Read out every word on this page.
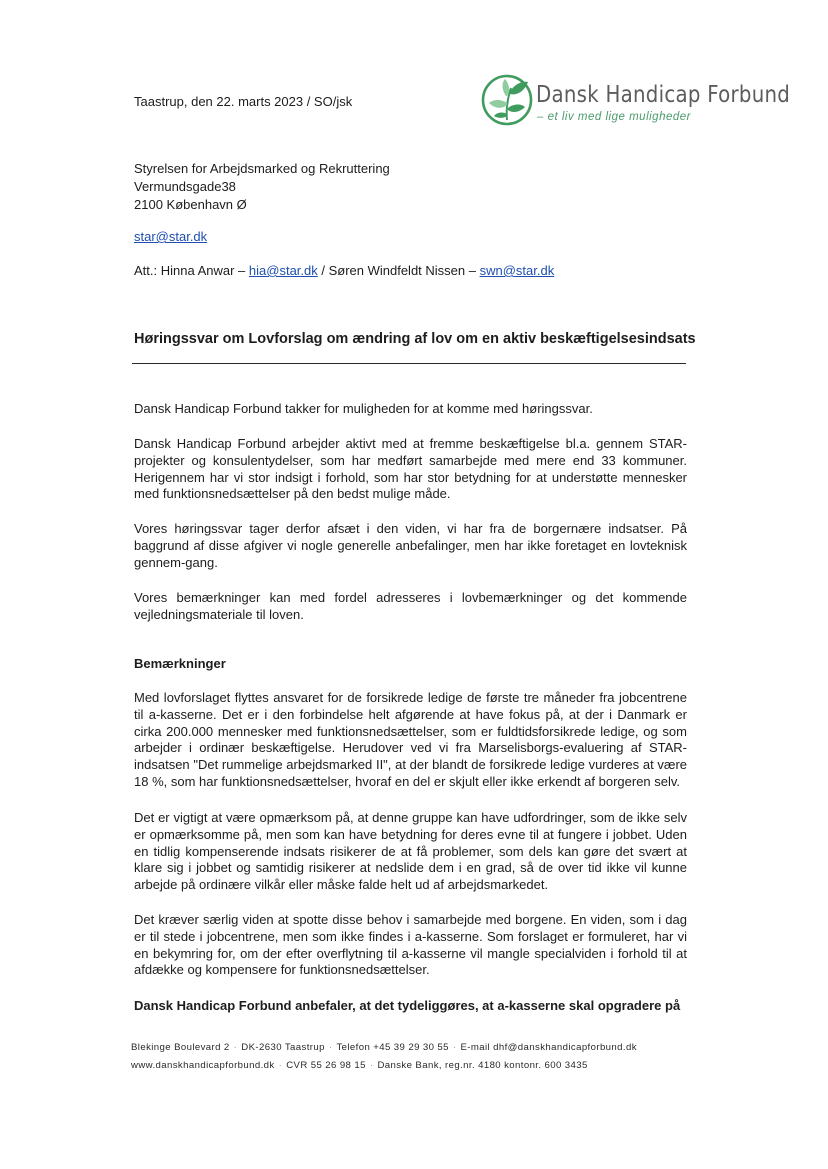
Taastrup, den 22. marts 2023 / SO/jsk	Dansk Handicap Forbund
– et liv med lige muligheder
Styrelsen for Arbejdsmarked og Rekruttering
Vermundsgade38
2100 København Ø
star@star.dk
Att.: Hinna Anwar – hia@star.dk / Søren Windfeldt Nissen – swn@star.dk
Høringssvar om Lovforslag om ændring af lov om en aktiv beskæftigelsesindsats
Dansk Handicap Forbund takker for muligheden for at komme med høringssvar.
Dansk Handicap Forbund arbejder aktivt med at fremme beskæftigelse bl.a. gennem STAR-projekter og konsulentydelser, som har medført samarbejde med mere end 33 kommuner. Herigennem har vi stor indsigt i forhold, som har stor betydning for at understøtte mennesker med funktionsnedsættelser på den bedst mulige måde.
Vores høringssvar tager derfor afsæt i den viden, vi har fra de borgernære indsatser. På baggrund af disse afgiver vi nogle generelle anbefalinger, men har ikke foretaget en lovteknisk gennem-gang.
Vores bemærkninger kan med fordel adresseres i lovbemærkninger og det kommende vejledningsmateriale til loven.
Bemærkninger
Med lovforslaget flyttes ansvaret for de forsikrede ledige de første tre måneder fra jobcentrene til a-kasserne. Det er i den forbindelse helt afgørende at have fokus på, at der i Danmark er cirka 200.000 mennesker med funktionsnedsættelser, som er fuldtidsforsikrede ledige, og som arbejder i ordinær beskæftigelse. Herudover ved vi fra Marselisborgs-evaluering af STAR-indsatsen "Det rummelige arbejdsmarked II", at der blandt de forsikrede ledige vurderes at være 18 %, som har funktionsnedsættelser, hvoraf en del er skjult eller ikke erkendt af borgeren selv.
Det er vigtigt at være opmærksom på, at denne gruppe kan have udfordringer, som de ikke selv er opmærksomme på, men som kan have betydning for deres evne til at fungere i jobbet. Uden en tidlig kompenserende indsats risikerer de at få problemer, som dels kan gøre det svært at klare sig i jobbet og samtidig risikerer at nedslide dem i en grad, så de over tid ikke vil kunne arbejde på ordinære vilkår eller måske falde helt ud af arbejdsmarkedet.
Det kræver særlig viden at spotte disse behov i samarbejde med borgene. En viden, som i dag er til stede i jobcentrene, men som ikke findes i a-kasserne. Som forslaget er formuleret, har vi en bekymring for, om der efter overflytning til a-kasserne vil mangle specialviden i forhold til at afdække og kompensere for funktionsnedsættelser.
Dansk Handicap Forbund anbefaler, at det tydeliggøres, at a-kasserne skal opgradere på
Blekinge Boulevard 2 · DK-2630 Taastrup · Telefon +45 39 29 30 55 · E-mail dhf@danskhandicapforbund.dk
www.danskhandicapforbund.dk · CVR 55 26 98 15 · Danske Bank, reg.nr. 4180 kontonr. 600 3435
